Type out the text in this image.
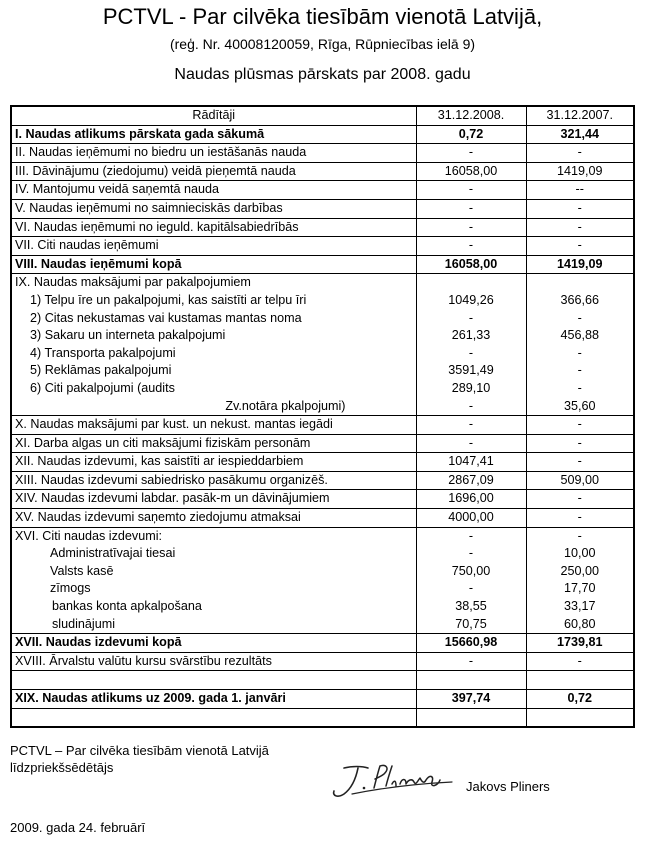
PCTVL - Par cilvēka tiesībām vienotā Latvijā,
(reģ. Nr. 40008120059, Rīga, Rūpniecības ielā 9)
Naudas plūsmas pārskats par 2008. gadu
Rādītāji	31.12.2008.	31.12.2007.
I. Naudas atlikums pārskata gada sākumā	0,72	321,44
II. Naudas ieņēmumi no biedru un iestāšanās nauda	-	-
III. Dāvinājumu (ziedojumu) veidā pieņemtā nauda	16058,00	1419,09
IV. Mantojumu veidā saņemtā nauda	-	--
V. Naudas ieņēmumi no saimnieciskās darbības	-	-
VI. Naudas ieņēmumi no ieguld. kapitālsabiedrībās	-	-
VII. Citi naudas ieņēmumi	-	-
VIII. Naudas ieņēmumi kopā	16058,00	1419,09
IX. Naudas maksājumi par pakalpojumiem		
1) Telpu īre un pakalpojumi, kas saistīti ar telpu īri	1049,26	366,66
2) Citas nekustamas vai kustamas mantas noma	-	-
3) Sakaru un interneta pakalpojumi	261,33	456,88
4) Transporta pakalpojumi	-	-
5) Reklāmas pakalpojumi	3591,49	-
6) Citi pakalpojumi (audits	289,10	-
Zv.notāra pkalpojumi)	-	35,60
X. Naudas maksājumi par kust. un nekust. mantas iegādi	-	-
XI. Darba algas un citi maksājumi fiziskām personām	-	-
XII. Naudas izdevumi, kas saistīti ar iespieddarbiem	1047,41	-
XIII. Naudas izdevumi sabiedrisko pasākumu organizēš.	2867,09	509,00
XIV. Naudas izdevumi labdar. pasāk-m un dāvinājumiem	1696,00	-
XV. Naudas izdevumi saņemto ziedojumu atmaksai	4000,00	-
XVI. Citi naudas izdevumi:	-	-
Administratīvajai tiesai	-	10,00
Valsts kasē	750,00	250,00
zīmogs	-	17,70
bankas konta apkalpošana	38,55	33,17
sludinājumi	70,75	60,80
XVII. Naudas izdevumi kopā	15660,98	1739,81
XVIII. Ārvalstu valūtu kursu svārstību rezultāts	-	-

XIX. Naudas atlikums uz 2009. gada 1. janvāri	397,74	0,72

PCTVL – Par cilvēka tiesībām vienotā Latvijā
līdzpriekšsēdētājs
Jakovs Pliners
2009. gada 24. februārī
